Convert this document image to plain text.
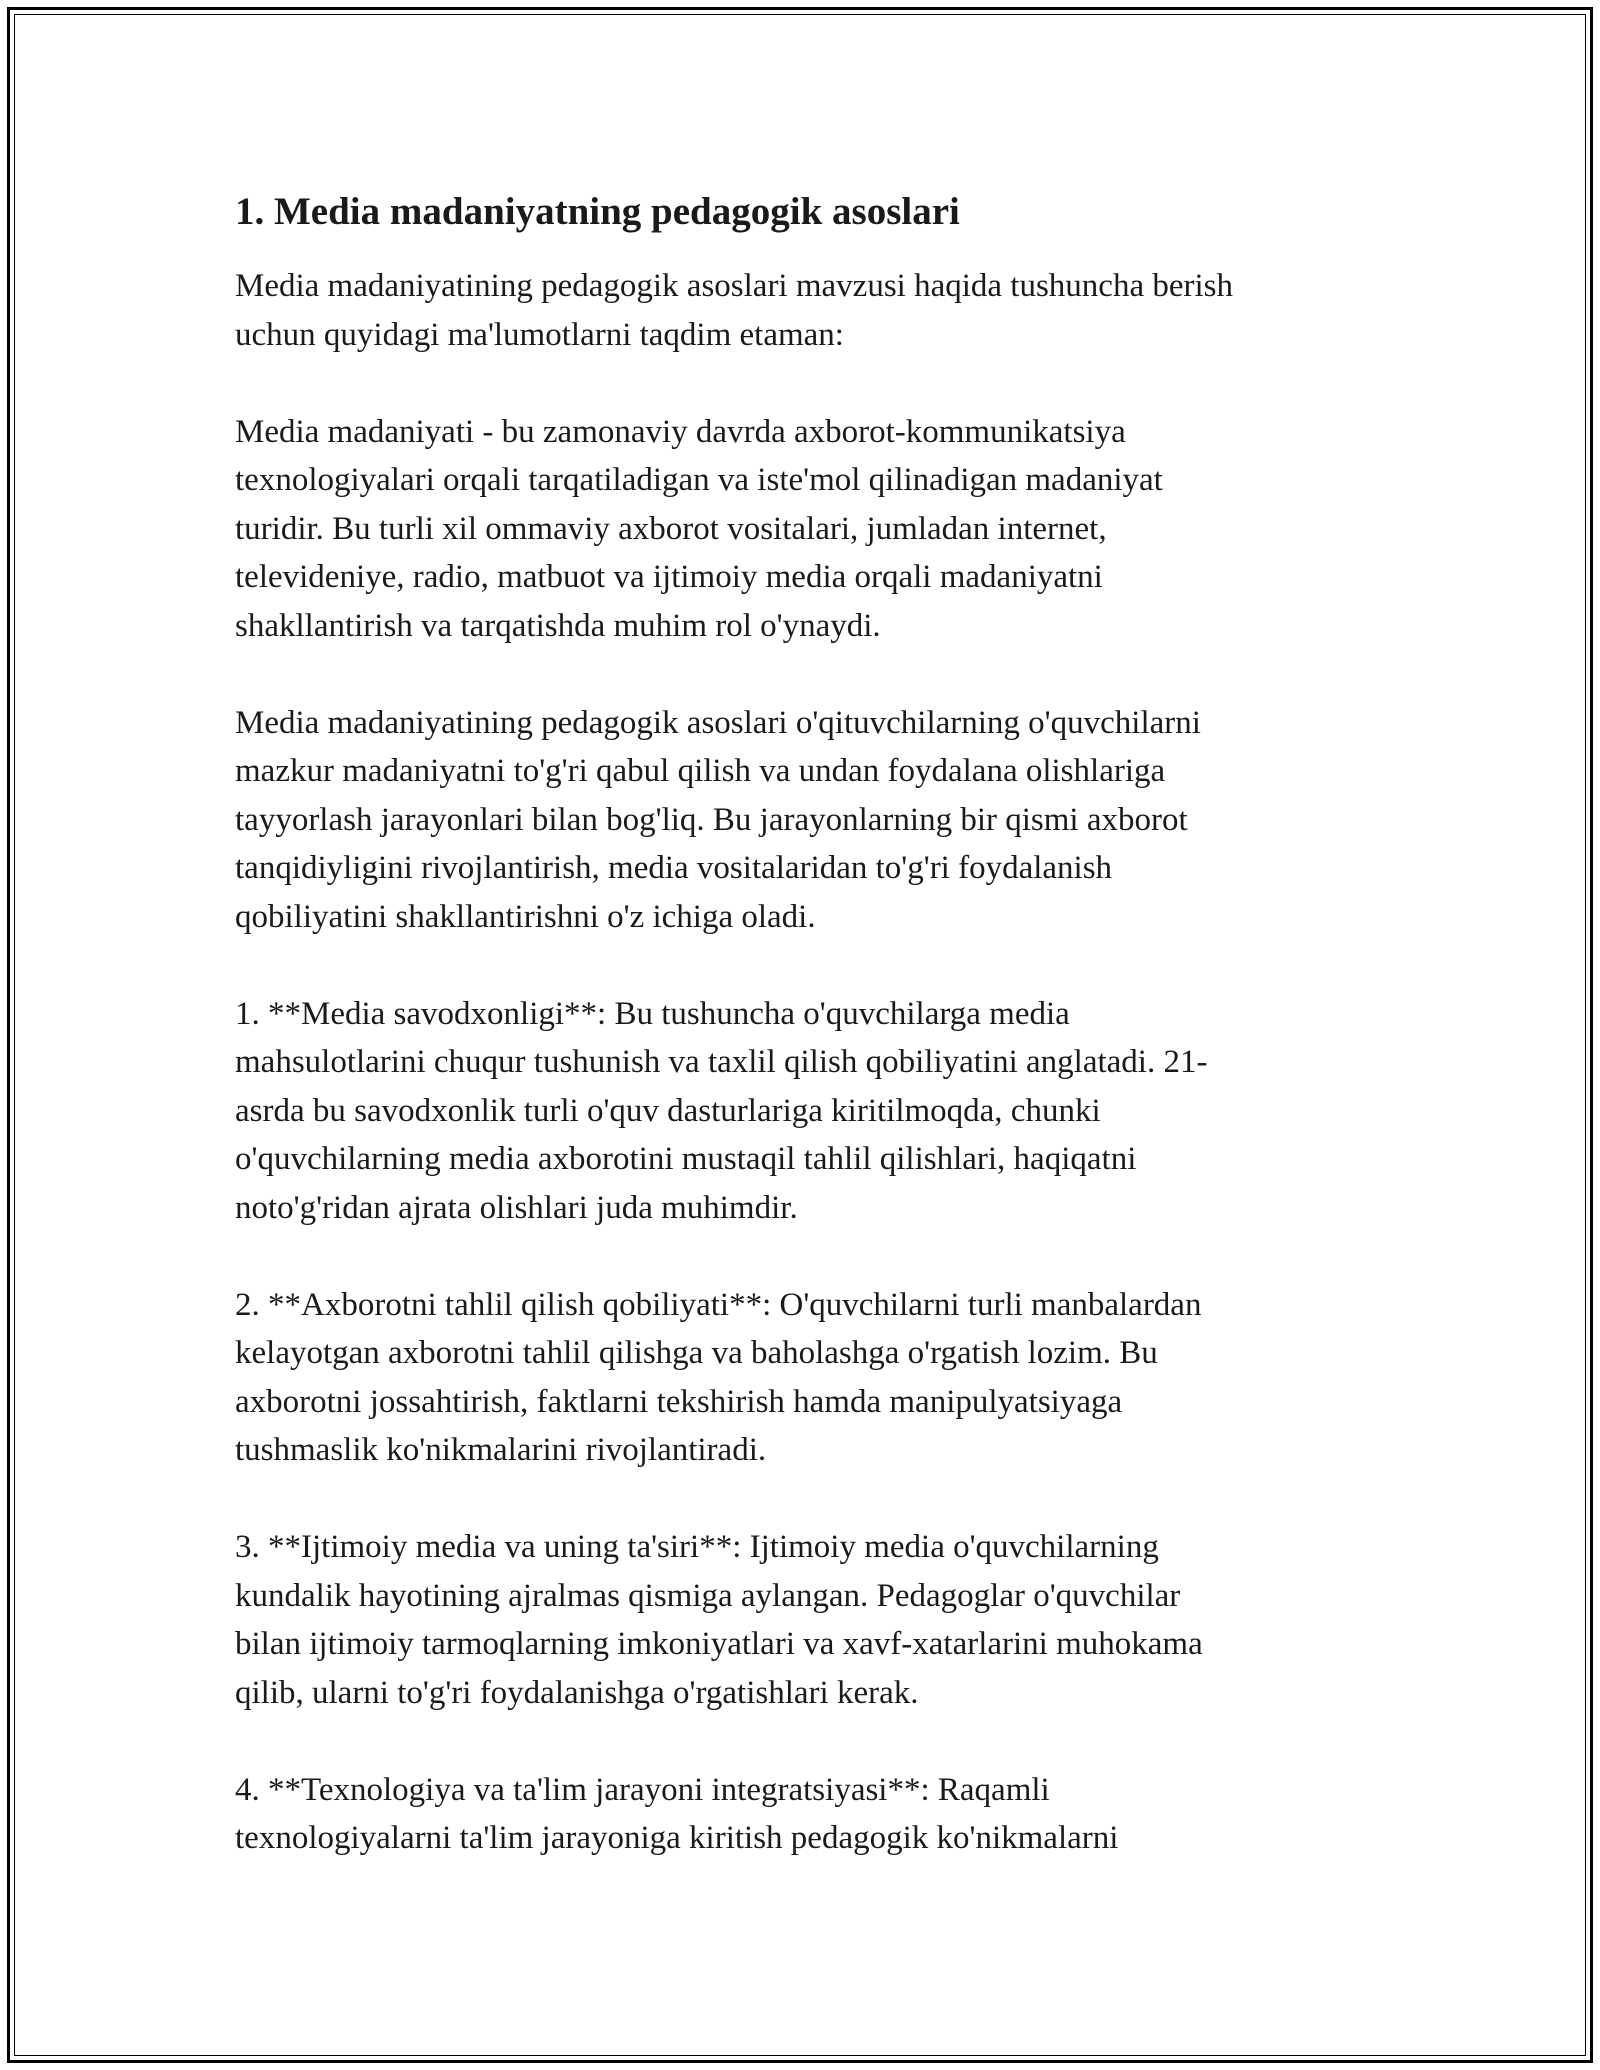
1. Media madaniyatning pedagogik asoslari

Media madaniyatining pedagogik asoslari mavzusi haqida tushuncha berish
uchun quyidagi ma'lumotlarni taqdim etaman:

Media madaniyati - bu zamonaviy davrda axborot-kommunikatsiya
texnologiyalari orqali tarqatiladigan va iste'mol qilinadigan madaniyat
turidir. Bu turli xil ommaviy axborot vositalari, jumladan internet,
televideniye, radio, matbuot va ijtimoiy media orqali madaniyatni
shakllantirish va tarqatishda muhim rol o'ynaydi.

Media madaniyatining pedagogik asoslari o'qituvchilarning o'quvchilarni
mazkur madaniyatni to'g'ri qabul qilish va undan foydalana olishlariga
tayyorlash jarayonlari bilan bog'liq. Bu jarayonlarning bir qismi axborot
tanqidiyligini rivojlantirish, media vositalaridan to'g'ri foydalanish
qobiliyatini shakllantirishni o'z ichiga oladi.

1. **Media savodxonligi**: Bu tushuncha o'quvchilarga media
mahsulotlarini chuqur tushunish va taxlil qilish qobiliyatini anglatadi. 21-
asrda bu savodxonlik turli o'quv dasturlariga kiritilmoqda, chunki
o'quvchilarning media axborotini mustaqil tahlil qilishlari, haqiqatni
noto'g'ridan ajrata olishlari juda muhimdir.

2. **Axborotni tahlil qilish qobiliyati**: O'quvchilarni turli manbalardan
kelayotgan axborotni tahlil qilishga va baholashga o'rgatish lozim. Bu
axborotni jossahtirish, faktlarni tekshirish hamda manipulyatsiyaga
tushmaslik ko'nikmalarini rivojlantiradi.

3. **Ijtimoiy media va uning ta'siri**: Ijtimoiy media o'quvchilarning
kundalik hayotining ajralmas qismiga aylangan. Pedagoglar o'quvchilar
bilan ijtimoiy tarmoqlarning imkoniyatlari va xavf-xatarlarini muhokama
qilib, ularni to'g'ri foydalanishga o'rgatishlari kerak.

4. **Texnologiya va ta'lim jarayoni integratsiyasi**: Raqamli
texnologiyalarni ta'lim jarayoniga kiritish pedagogik ko'nikmalarni
